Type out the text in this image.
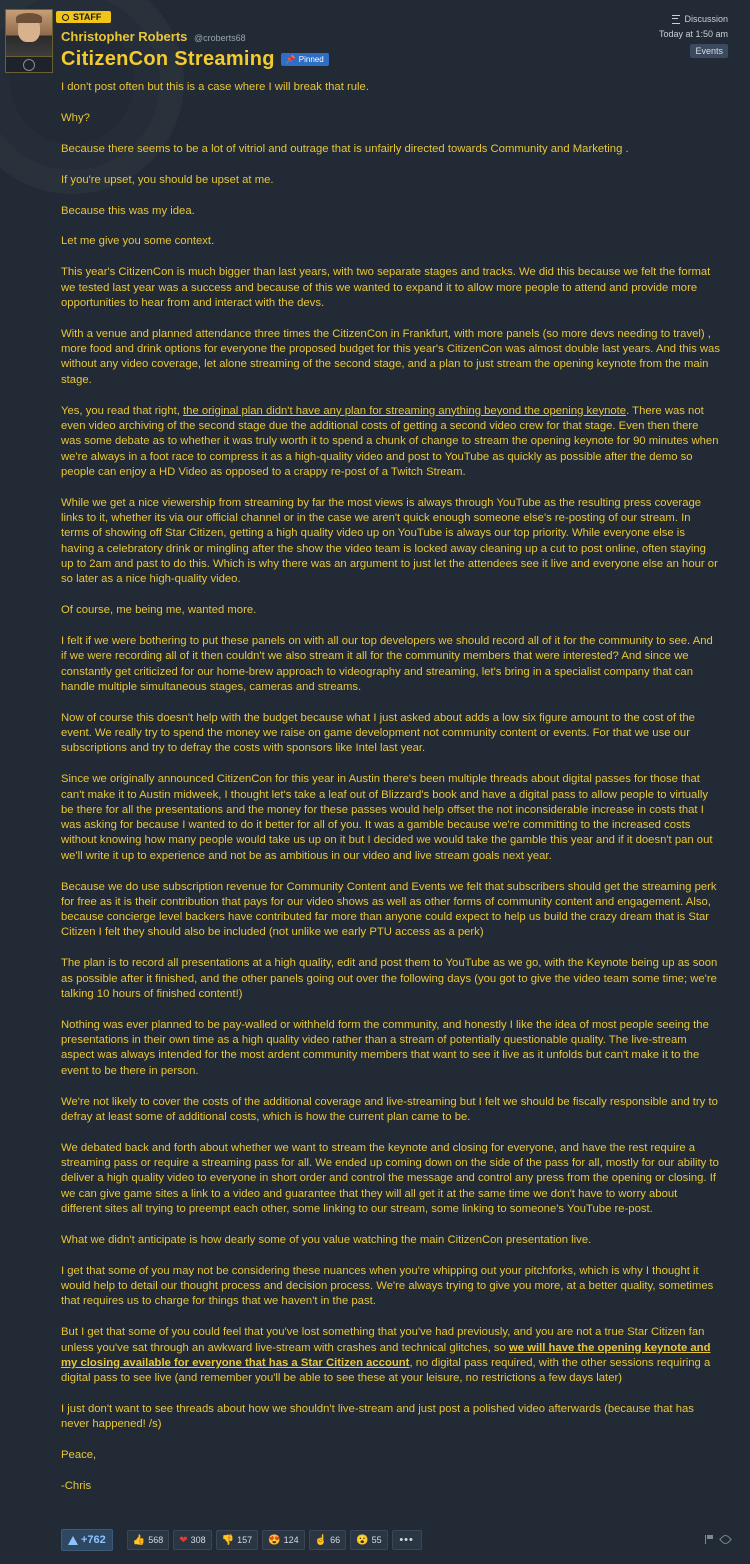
STAFF
Christopher Roberts @croberts68
CitizenCon Streaming 📌 Pinned
Discussion
Today at 1:50 am
Events

I don't post often but this is a case where I will break that rule.

Why?

Because there seems to be a lot of vitriol and outrage that is unfairly directed towards Community and Marketing .

If you're upset, you should be upset at me.

Because this was my idea.

Let me give you some context.

This year's CitizenCon is much bigger than last years, with two separate stages and tracks. We did this because we felt the format we tested last year was a success and because of this we wanted to expand it to allow more people to attend and provide more opportunities to hear from and interact with the devs.

With a venue and planned attendance three times the CitizenCon in Frankfurt, with more panels (so more devs needing to travel) , more food and drink options for everyone the proposed budget for this year's CitizenCon was almost double last years. And this was without any video coverage, let alone streaming of the second stage, and a plan to just stream the opening keynote from the main stage.

Yes, you read that right, the original plan didn't have any plan for streaming anything beyond the opening keynote. There was not even video archiving of the second stage due the additional costs of getting a second video crew for that stage. Even then there was some debate as to whether it was truly worth it to spend a chunk of change to stream the opening keynote for 90 minutes when we're always in a foot race to compress it as a high-quality video and post to YouTube as quickly as possible after the demo so people can enjoy a HD Video as opposed to a crappy re-post of a Twitch Stream.

While we get a nice viewership from streaming by far the most views is always through YouTube as the resulting press coverage links to it, whether its via our official channel or in the case we aren't quick enough someone else's re-posting of our stream. In terms of showing off Star Citizen, getting a high quality video up on YouTube is always our top priority. While everyone else is having a celebratory drink or mingling after the show the video team is locked away cleaning up a cut to post online, often staying up to 2am and past to do this. Which is why there was an argument to just let the attendees see it live and everyone else an hour or so later as a nice high-quality video.

Of course, me being me, wanted more.

I felt if we were bothering to put these panels on with all our top developers we should record all of it for the community to see. And if we were recording all of it then couldn't we also stream it all for the community members that were interested? And since we constantly get criticized for our home-brew approach to videography and streaming, let's bring in a specialist company that can handle multiple simultaneous stages, cameras and streams.

Now of course this doesn't help with the budget because what I just asked about adds a low six figure amount to the cost of the event. We really try to spend the money we raise on game development not community content or events. For that we use our subscriptions and try to defray the costs with sponsors like Intel last year.

Since we originally announced CitizenCon for this year in Austin there's been multiple threads about digital passes for those that can't make it to Austin midweek, I thought let's take a leaf out of Blizzard's book and have a digital pass to allow people to virtually be there for all the presentations and the money for these passes would help offset the not inconsiderable increase in costs that I was asking for because I wanted to do it better for all of you. It was a gamble because we're committing to the increased costs without knowing how many people would take us up on it but I decided we would take the gamble this year and if it doesn't pan out we'll write it up to experience and not be as ambitious in our video and live stream goals next year.

Because we do use subscription revenue for Community Content and Events we felt that subscribers should get the streaming perk for free as it is their contribution that pays for our video shows as well as other forms of community content and engagement. Also, because concierge level backers have contributed far more than anyone could expect to help us build the crazy dream that is Star Citizen I felt they should also be included (not unlike we early PTU access as a perk)

The plan is to record all presentations at a high quality, edit and post them to YouTube as we go, with the Keynote being up as soon as possible after it finished, and the other panels going out over the following days (you got to give the video team some time; we're talking 10 hours of finished content!)

Nothing was ever planned to be pay-walled or withheld form the community, and honestly I like the idea of most people seeing the presentations in their own time as a high quality video rather than a stream of potentially questionable quality. The live-stream aspect was always intended for the most ardent community members that want to see it live as it unfolds but can't make it to the event to be there in person.

We're not likely to cover the costs of the additional coverage and live-streaming but I felt we should be fiscally responsible and try to defray at least some of additional costs, which is how the current plan came to be.

We debated back and forth about whether we want to stream the keynote and closing for everyone, and have the rest require a streaming pass or require a streaming pass for all. We ended up coming down on the side of the pass for all, mostly for our ability to deliver a high quality video to everyone in short order and control the message and control any press from the opening or closing. If we can give game sites a link to a video and guarantee that they will all get it at the same time we don't have to worry about different sites all trying to preempt each other, some linking to our stream, some linking to someone's YouTube re-post.

What we didn't anticipate is how dearly some of you value watching the main CitizenCon presentation live.

I get that some of you may not be considering these nuances when you're whipping out your pitchforks, which is why I thought it would help to detail our thought process and decision process. We're always trying to give you more, at a better quality, sometimes that requires us to charge for things that we haven't in the past.

But I get that some of you could feel that you've lost something that you've had previously, and you are not a true Star Citizen fan unless you've sat through an awkward live-stream with crashes and technical glitches, so we will have the opening keynote and my closing available for everyone that has a Star Citizen account, no digital pass required, with the other sessions requiring a digital pass to see live (and remember you'll be able to see these at your leisure, no restrictions a few days later)

I just don't want to see threads about how we shouldn't live-stream and just post a polished video afterwards (because that has never happened! /s)

Peace,

-Chris

+762	👍 568 ❤ 308 👎 157 😍 124 ☝ 66 😮 55	•••
